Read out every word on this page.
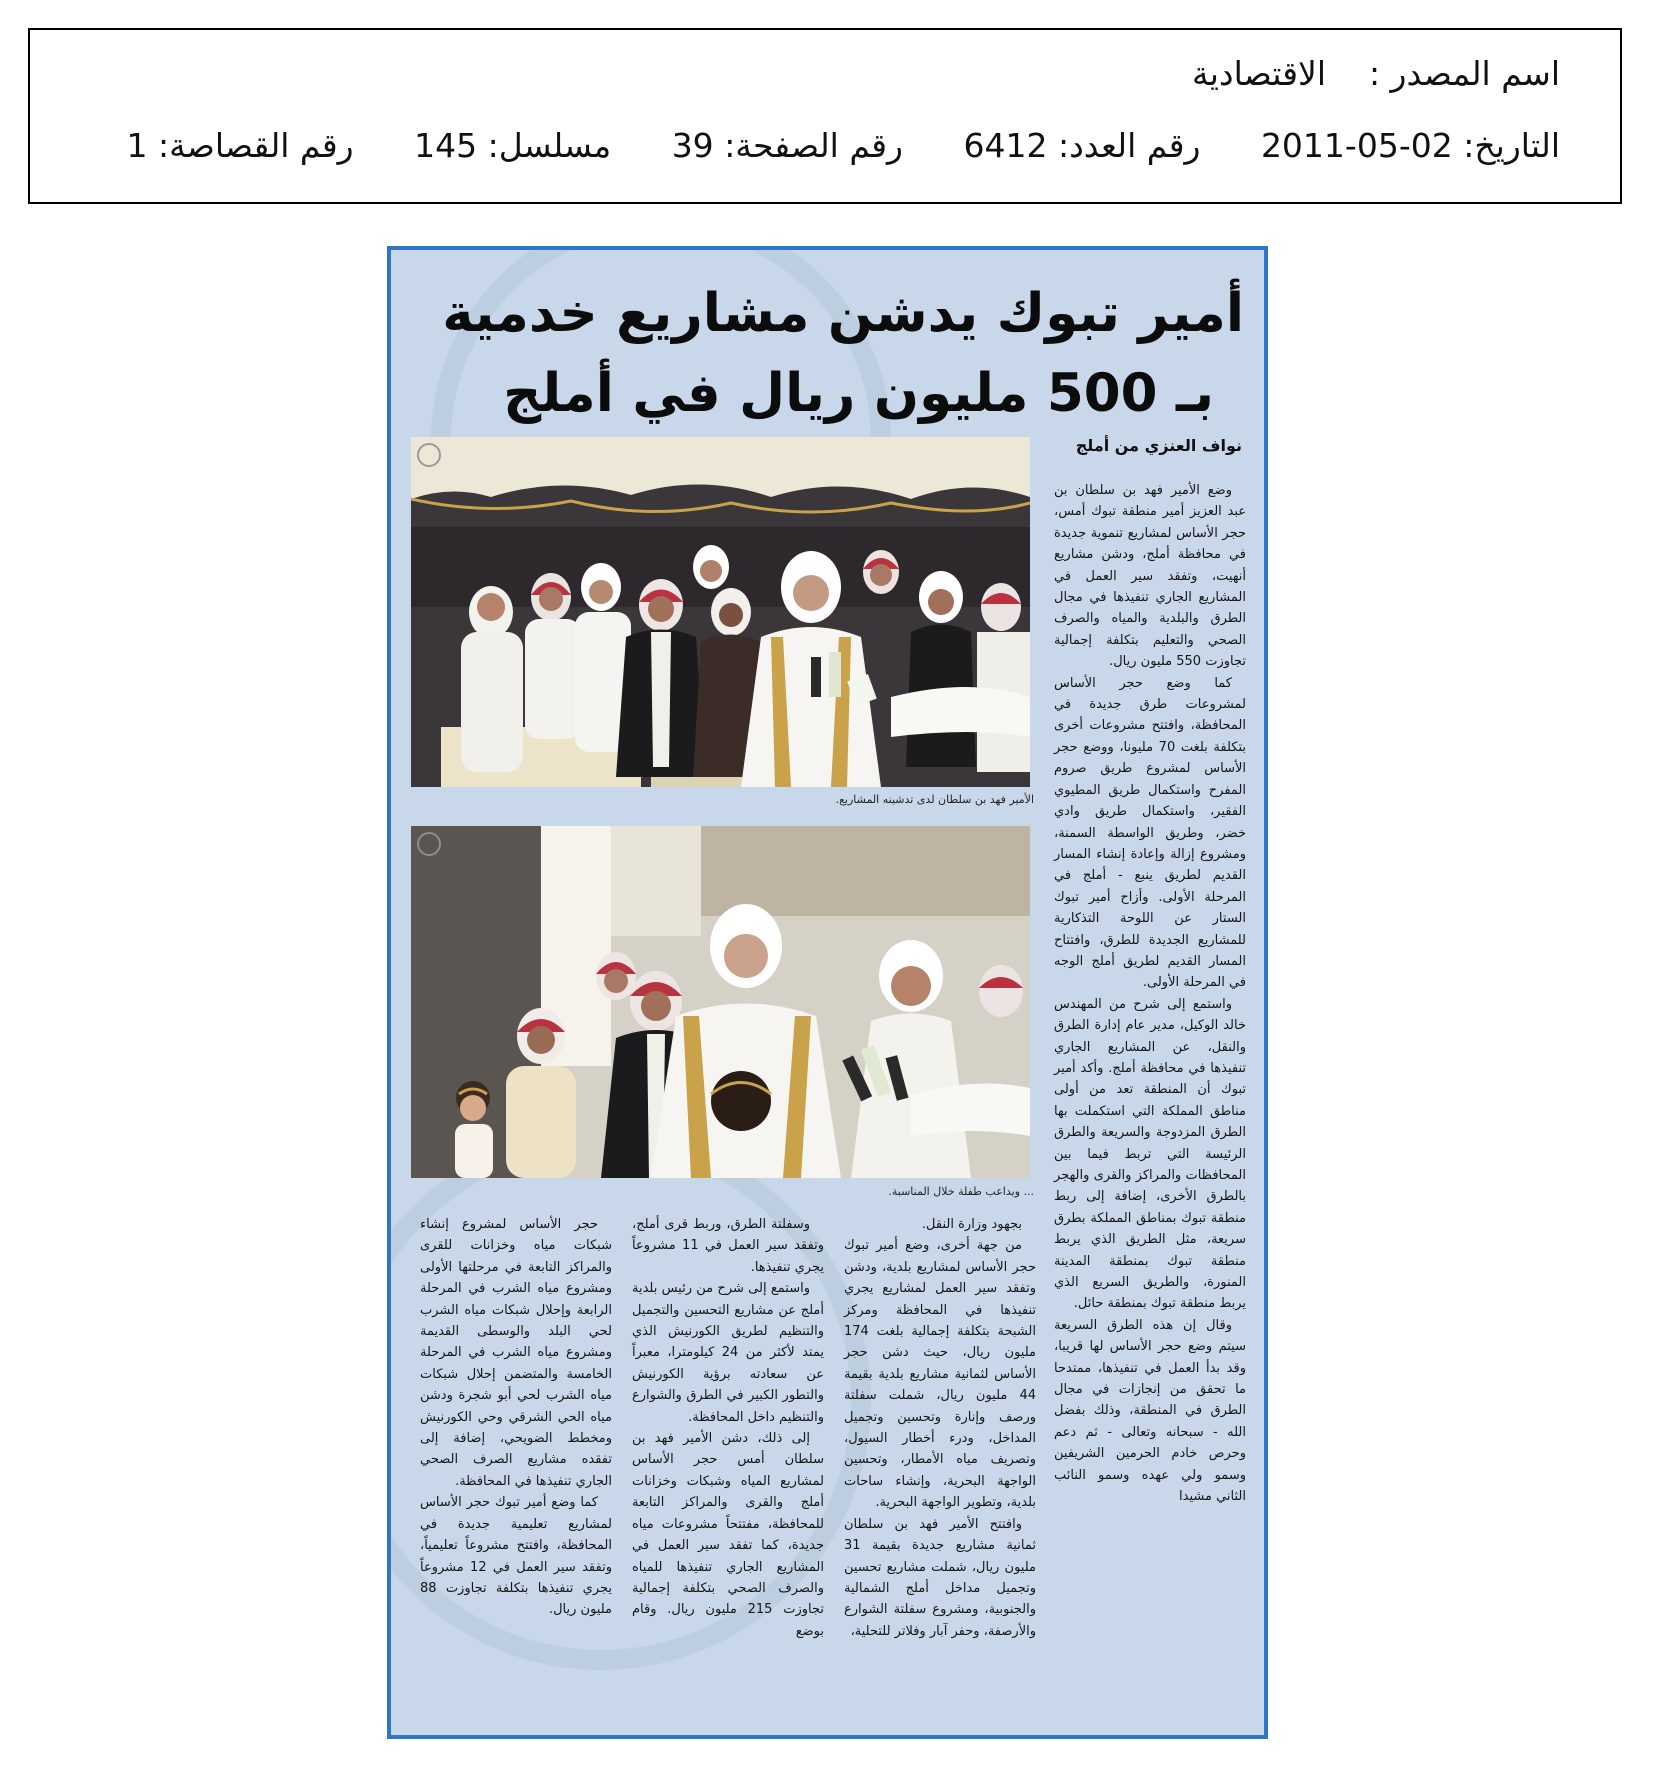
اسم المصدر :الاقتصادية
التاريخ: 2011-05-02 رقم العدد: 6412 رقم الصفحة: 39 مسلسل: 145 رقم القصاصة: 1
أمير تبوك يدشن مشاريع خدمية
بـ 500 مليون ريال في أملج
نواف العنزي من أملج
الأمير فهد بن سلطان لدى تدشينه المشاريع.
... ويداعب طفلة خلال المناسبة.

وضع الأمير فهد بن سلطان بن عبد العزيز أمير منطقة تبوك أمس، حجر الأساس لمشاريع تنموية جديدة في محافظة أملج، ودشن مشاريع أنهيت، وتفقد سير العمل في المشاريع الجاري تنفيذها في مجال الطرق والبلدية والمياه والصرف الصحي والتعليم بتكلفة إجمالية تجاوزت 550 مليون ريال.

كما وضع حجر الأساس لمشروعات طرق جديدة في المحافظة، وافتتح مشروعات أخرى بتكلفة بلغت 70 مليونا، ووضع حجر الأساس لمشروع طريق صروم المفرح واستكمال طريق المطيوي الفقير، واستكمال طريق وادي خضر، وطريق الواسطة السمنة، ومشروع إزالة وإعادة إنشاء المسار القديم لطريق ينبع - أملج في المرحلة الأولى. وأزاح أمير تبوك الستار عن اللوحة التذكارية للمشاريع الجديدة للطرق، وافتتاح المسار القديم لطريق أملج الوجه في المرحلة الأولى.

واستمع إلى شرح من المهندس خالد الوكيل، مدير عام إدارة الطرق والنقل، عن المشاريع الجاري تنفيذها في محافظة أملج. وأكد أمير تبوك أن المنطقة تعد من أولى مناطق المملكة التي استكملت بها الطرق المزدوجة والسريعة والطرق الرئيسة التي تربط فيما بين المحافظات والمراكز والقرى والهجر بالطرق الأخرى، إضافة إلى ربط منطقة تبوك بمناطق المملكة بطرق سريعة، مثل الطريق الذي يربط منطقة تبوك بمنطقة المدينة المنورة، والطريق السريع الذي يربط منطقة تبوك بمنطقة حائل.

وقال إن هذه الطرق السريعة سيتم وضع حجر الأساس لها قريبا، وقد بدأ العمل في تنفيذها، ممتدحا ما تحقق من إنجازات في مجال الطرق في المنطقة، وذلك بفضل الله - سبحانه وتعالى - ثم دعم وحرص خادم الحرمين الشريفين وسمو ولي عهده وسمو النائب الثاني مشيدا

بجهود وزارة النقل.

من جهة أخرى، وضع أمير تبوك حجر الأساس لمشاريع بلدية، ودشن وتفقد سير العمل لمشاريع يجري تنفيذها في المحافظة ومركز الشبحة بتكلفة إجمالية بلغت 174 مليون ريال، حيث دشن حجر الأساس لثمانية مشاريع بلدية بقيمة 44 مليون ريال، شملت سفلتة ورصف وإنارة وتحسين وتجميل المداخل، ودرء أخطار السيول، وتصريف مياه الأمطار، وتحسين الواجهة البحرية، وإنشاء ساحات بلدية، وتطوير الواجهة البحرية.

وافتتح الأمير فهد بن سلطان ثمانية مشاريع جديدة بقيمة 31 مليون ريال، شملت مشاريع تحسين وتجميل مداخل أملج الشمالية والجنوبية، ومشروع سفلتة الشوارع والأرصفة، وحفر آبار وفلاتر للتحلية،

وسفلتة الطرق، وربط قرى أملج، وتفقد سير العمل في 11 مشروعاً يجري تنفيذها.

واستمع إلى شرح من رئيس بلدية أملج عن مشاريع التحسين والتجميل والتنظيم لطريق الكورنيش الذي يمتد لأكثر من 24 كيلومترا، معبراً عن سعادته برؤية الكورنيش والتطور الكبير في الطرق والشوارع والتنظيم داخل المحافظة.

إلى ذلك، دشن الأمير فهد بن سلطان أمس حجر الأساس لمشاريع المياه وشبكات وخزانات أملج والقرى والمراكز التابعة للمحافظة، مفتتحاً مشروعات مياه جديدة، كما تفقد سير العمل في المشاريع الجاري تنفيذها للمياه والصرف الصحي بتكلفة إجمالية تجاوزت 215 مليون ريال. وقام بوضع

حجر الأساس لمشروع إنشاء شبكات مياه وخزانات للقرى والمراكز التابعة في مرحلتها الأولى ومشروع مياه الشرب في المرحلة الرابعة وإحلال شبكات مياه الشرب لحي البلد والوسطى القديمة ومشروع مياه الشرب في المرحلة الخامسة والمتضمن إحلال شبكات مياه الشرب لحي أبو شجرة ودشن مياه الحي الشرقي وحي الكورنيش ومخطط الضويحي، إضافة إلى تفقده مشاريع الصرف الصحي الجاري تنفيذها في المحافظة.

كما وضع أمير تبوك حجر الأساس لمشاريع تعليمية جديدة في المحافظة، وافتتح مشروعاً تعليمياً، وتفقد سير العمل في 12 مشروعاً يجري تنفيذها بتكلفة تجاوزت 88 مليون ريال.
